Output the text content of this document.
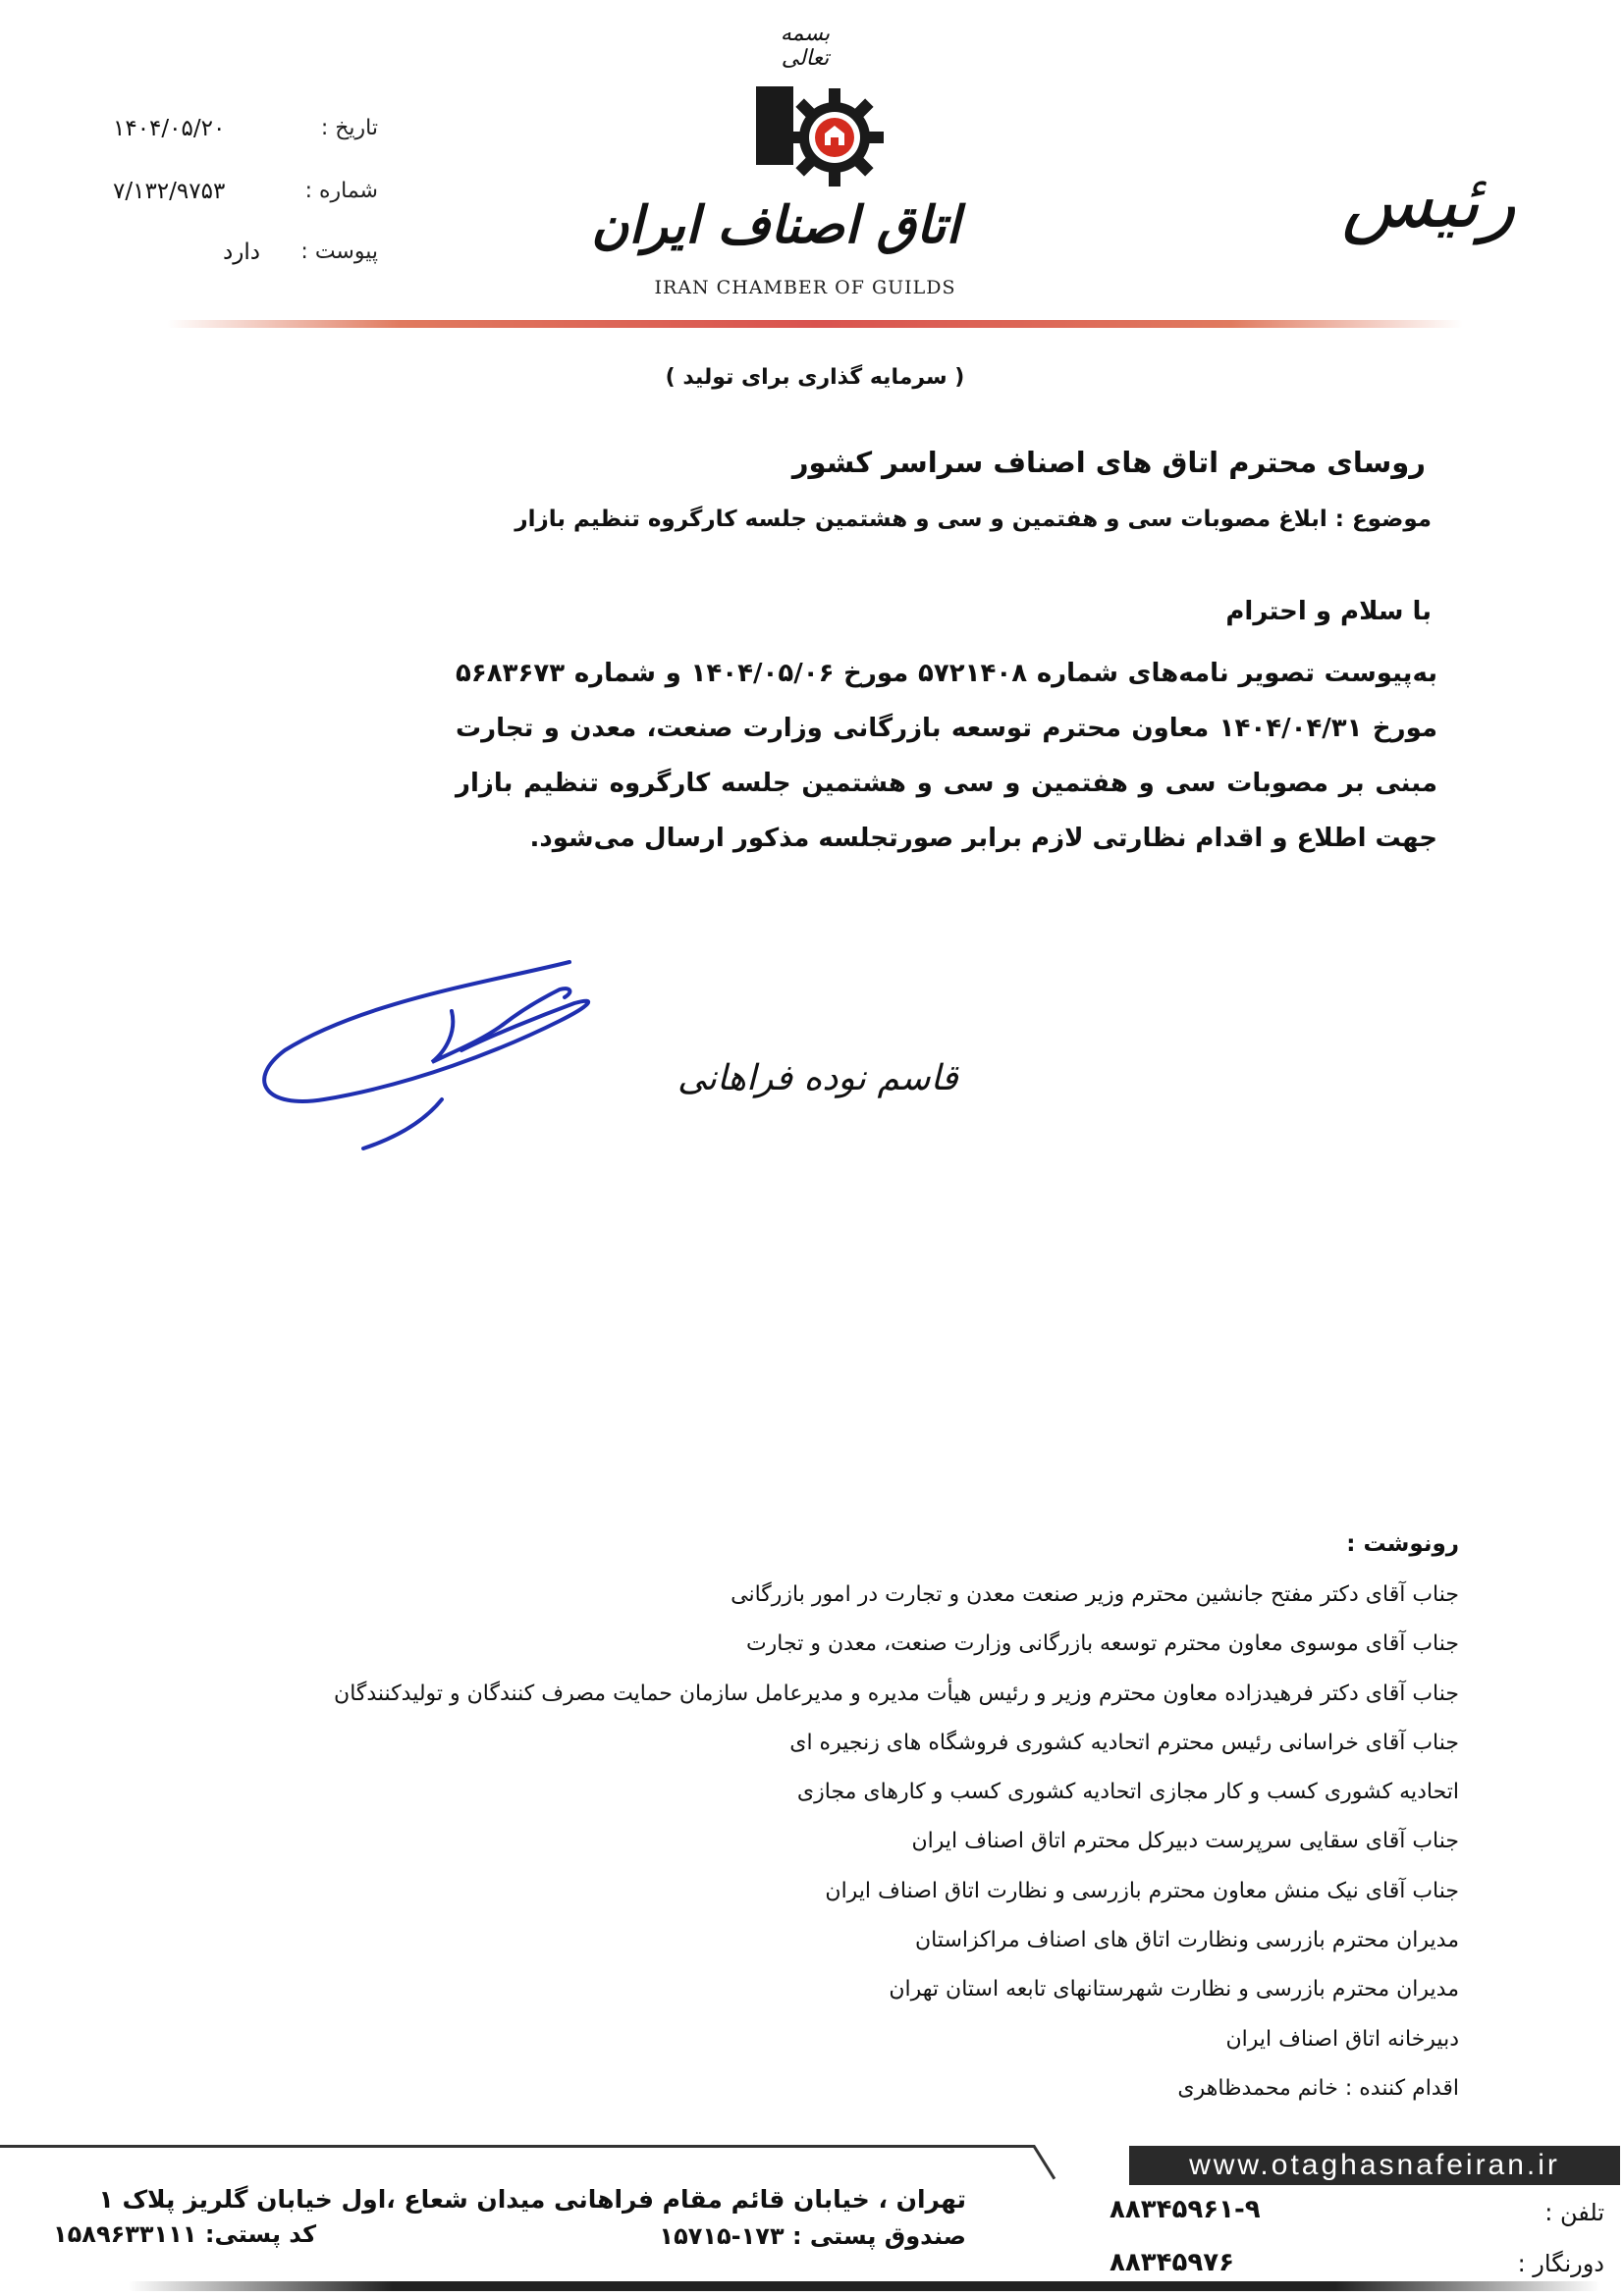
بسمه تعالی
اتاق اصناف ایران
IRAN CHAMBER OF GUILDS
رئیس
تاریخ :
۱۴۰۴/۰۵/۲۰
شماره :
۷/۱۳۲/۹۷۵۳
پیوست :
دارد
( سرمایه گذاری برای تولید )
روسای محترم اتاق های اصناف سراسر کشور
موضوع : ابلاغ مصوبات سی و هفتمین و سی و هشتمین جلسه کارگروه تنظیم بازار
با سلام و احترام
به‌پیوست تصویر نامه‌های شماره ۵۷۲۱۴۰۸ مورخ ۱۴۰۴/۰۵/۰۶ و شماره ۵۶۸۳۶۷۳ مورخ ۱۴۰۴/۰۴/۳۱ معاون محترم توسعه بازرگانی وزارت صنعت، معدن و تجارت مبنی بر مصوبات سی و هفتمین و سی و هشتمین جلسه کارگروه تنظیم بازار جهت اطلاع و اقدام نظارتی لازم برابر صورتجلسه مذکور ارسال می‌شود.
قاسم نوده فراهانی
رونوشت :
جناب آقای دکتر مفتح جانشین محترم وزیر صنعت معدن و تجارت در امور بازرگانی
جناب آقای موسوی معاون محترم توسعه بازرگانی وزارت صنعت، معدن و تجارت
جناب آقای دکتر فرهیدزاده معاون محترم وزیر و رئیس هیأت مدیره و مدیرعامل سازمان حمایت مصرف کنندگان و تولیدکنندگان
جناب آقای خراسانی رئیس محترم اتحادیه کشوری فروشگاه های زنجیره ای
اتحادیه کشوری کسب و کار مجازی اتحادیه کشوری کسب و کارهای مجازی
جناب آقای سقایی سرپرست دبیرکل محترم اتاق اصناف ایران
جناب آقای نیک منش معاون محترم بازرسی و نظارت اتاق اصناف ایران
مدیران محترم بازرسی ونظارت اتاق های اصناف مراکزاستان
مدیران محترم بازرسی و نظارت شهرستانهای تابعه استان تهران
دبیرخانه اتاق اصناف ایران
اقدام کننده : خانم محمدظاهری
www.otaghasnafeiran.ir
تلفن :
۸۸۳۴۵۹۶۱-۹
دورنگار :
۸۸۳۴۵۹۷۶
تهران ، خیابان قائم مقام فراهانی میدان شعاع ،اول خیابان گلریز پلاک ۱
صندوق پستی : ۱۷۳-۱۵۷۱۵
کد پستی: ۱۵۸۹۶۳۳۱۱۱
